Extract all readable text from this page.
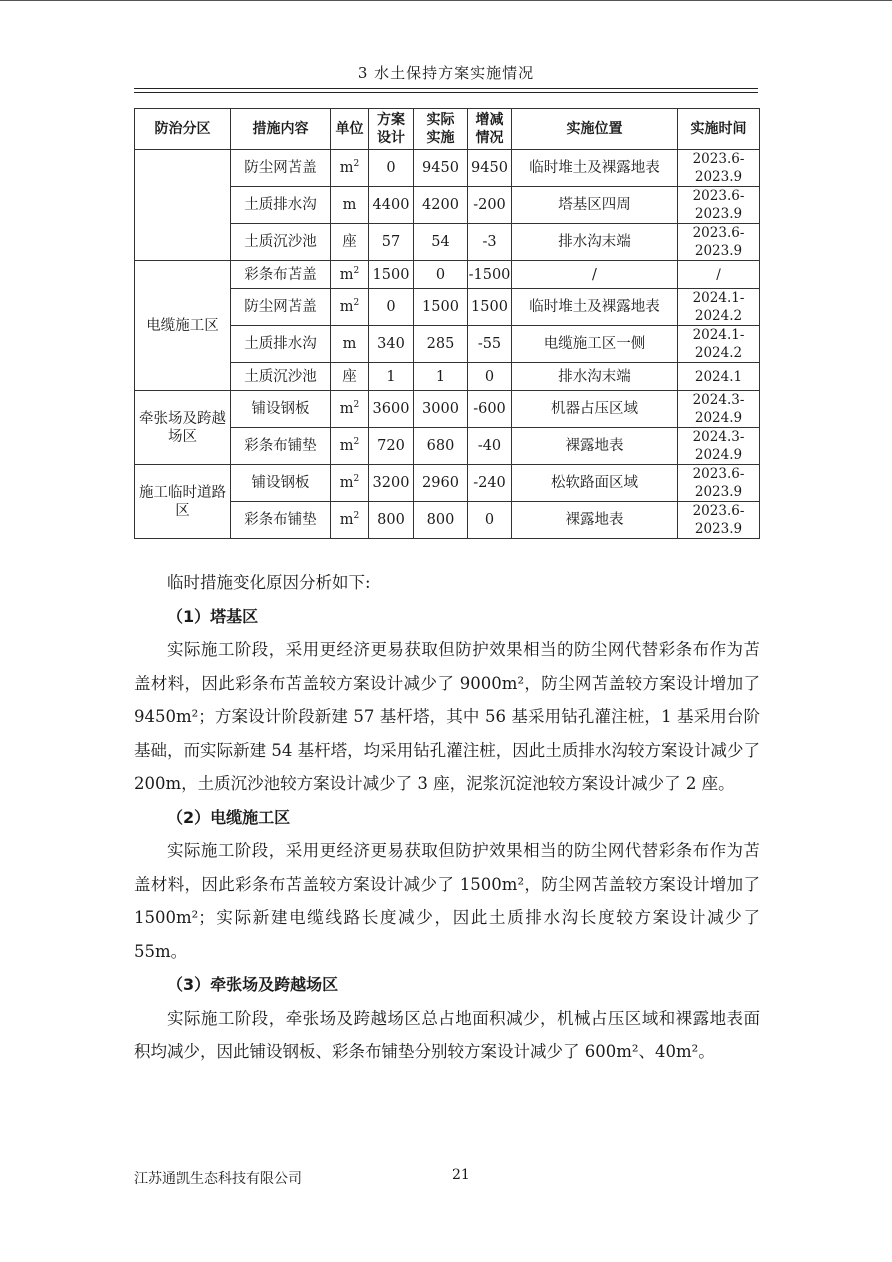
3 水土保持方案实施情况
防治分区	措施内容	单位	方案设计	实际实施	增减情况	实施位置	实施时间
	防尘网苫盖	$m^2$	0	9450	9450	临时堆土及裸露地表	2023.6-
2023.9

	土质排水沟	m	4400	4200	-200	塔基区四周	2023.6-
2023.9

	土质沉沙池	座	57	54	-3	排水沟末端	2023.6-
2023.9

电缆施工区	彩条布苫盖	$m^2$	1500	0	-1500	/	/

	防尘网苫盖	$m^2$	0	1500	1500	临时堆土及裸露地表	2024.1-
2024.2

	土质排水沟	m	340	285	-55	电缆施工区一侧	2024.1-
2024.2

	土质沉沙池	座	1	1	0	排水沟末端	2024.1

牵张场及跨越场区	铺设钢板	$m^2$	3600	3000	-600	机器占压区域	2024.3-
2024.9

	彩条布铺垫	$m^2$	720	680	-40	裸露地表	2024.3-
2024.9

施工临时道路区	铺设钢板	$m^2$	3200	2960	-240	松软路面区域	2023.6-
2023.9

	彩条布铺垫	$m^2$	800	800	0	裸露地表	2023.6-
2023.9

临时措施变化原因分析如下:

（1）塔基区

实际施工阶段，采用更经济更易获取但防护效果相当的防尘网代替彩条布作为苫盖材料，因此彩条布苫盖较方案设计减少了 9000m²，防尘网苫盖较方案设计增加了 9450m²；方案设计阶段新建 57 基杆塔，其中 56 基采用钻孔灌注桩，1 基采用台阶基础，而实际新建 54 基杆塔，均采用钻孔灌注桩，因此土质排水沟较方案设计减少了 200m，土质沉沙池较方案设计减少了 3 座，泥浆沉淀池较方案设计减少了 2 座。

（2）电缆施工区

实际施工阶段，采用更经济更易获取但防护效果相当的防尘网代替彩条布作为苫盖材料，因此彩条布苫盖较方案设计减少了 1500m²，防尘网苫盖较方案设计增加了 1500m²；实际新建电缆线路长度减少，因此土质排水沟长度较方案设计减少了 55m。

（3）牵张场及跨越场区

实际施工阶段，牵张场及跨越场区总占地面积减少，机械占压区域和裸露地表面积均减少，因此铺设钢板、彩条布铺垫分别较方案设计减少了 600m²、40m²。

江苏通凯生态科技有限公司	21
